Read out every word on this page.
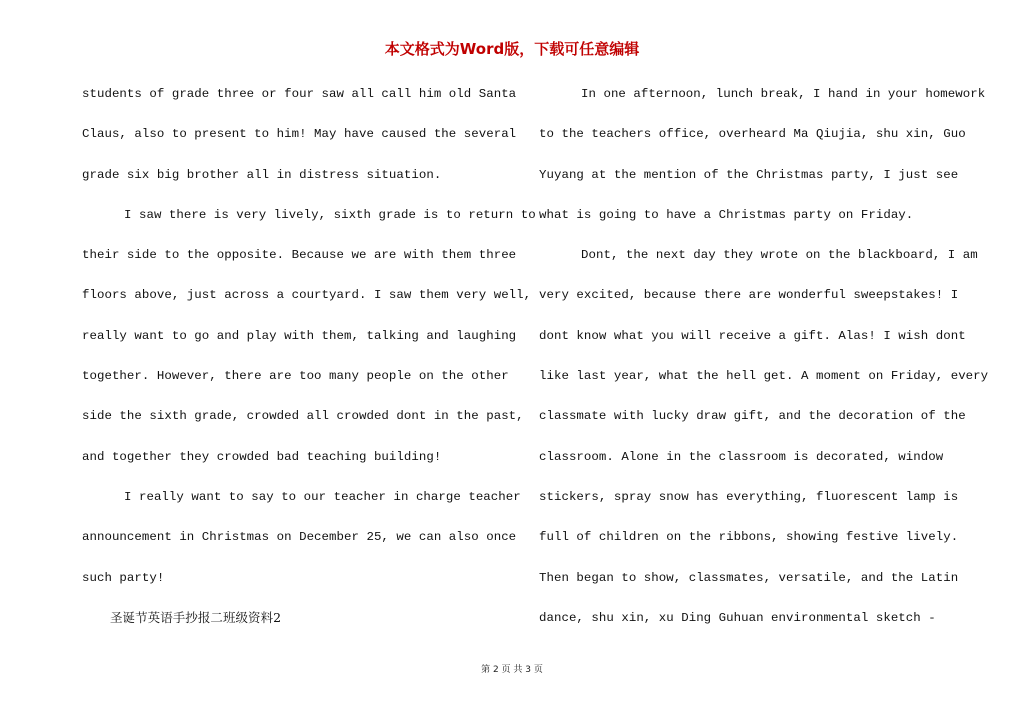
本文格式为Word版，下载可任意编辑
students of grade three or four saw all call him old Santa
Claus, also to present to him! May have caused the several
grade six big brother all in distress situation.
I saw there is very lively, sixth grade is to return to
their side to the opposite. Because we are with them three
floors above, just across a courtyard. I saw them very well,
really want to go and play with them, talking and laughing
together. However, there are too many people on the other
side the sixth grade, crowded all crowded dont in the past,
and together they crowded bad teaching building!
I really want to say to our teacher in charge teacher
announcement in Christmas on December 25, we can also once
such party!
圣诞节英语手抄报二班级资料2
In one afternoon, lunch break, I hand in your homework
to the teachers office, overheard Ma Qiujia, shu xin, Guo
Yuyang at the mention of the Christmas party, I just see
what is going to have a Christmas party on Friday.
Dont, the next day they wrote on the blackboard, I am
very excited, because there are wonderful sweepstakes! I
dont know what you will receive a gift. Alas! I wish dont
like last year, what the hell get. A moment on Friday, every
classmate with lucky draw gift, and the decoration of the
classroom. Alone in the classroom is decorated, window
stickers, spray snow has everything, fluorescent lamp is
full of children on the ribbons, showing festive lively.
Then began to show, classmates, versatile, and the Latin
dance, shu xin, xu Ding Guhuan environmental sketch -
第 2 页 共 3 页
